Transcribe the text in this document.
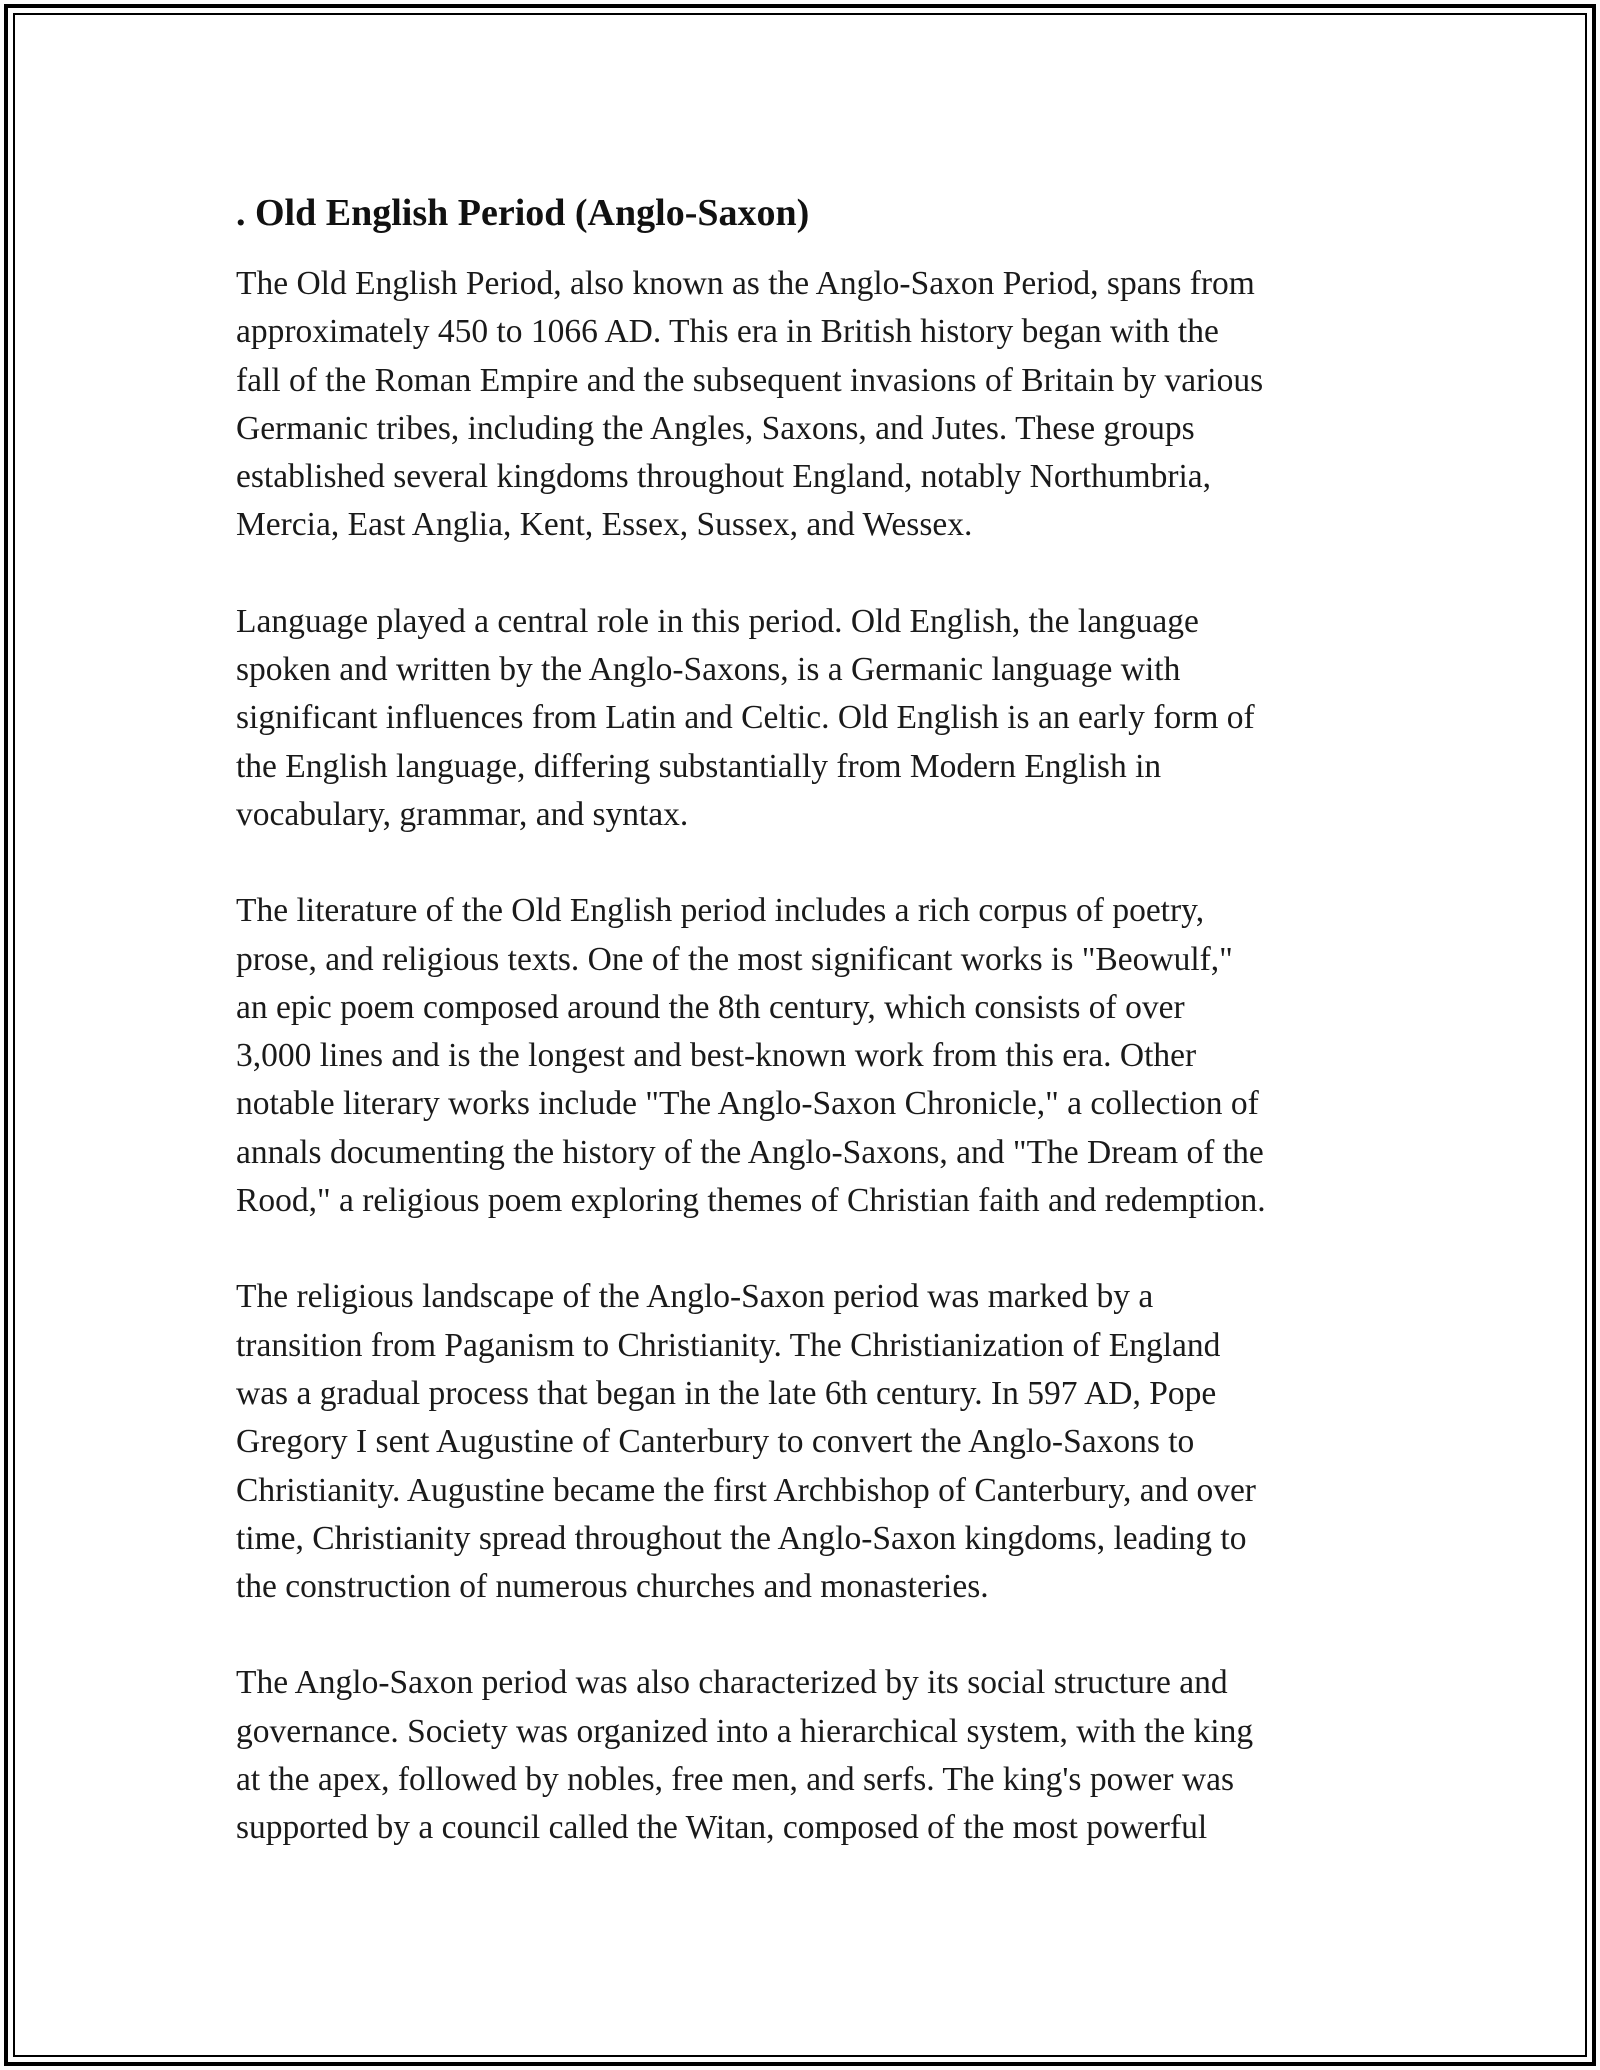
. Old English Period (Anglo-Saxon)

The Old English Period, also known as the Anglo-Saxon Period, spans from
approximately 450 to 1066 AD. This era in British history began with the
fall of the Roman Empire and the subsequent invasions of Britain by various
Germanic tribes, including the Angles, Saxons, and Jutes. These groups
established several kingdoms throughout England, notably Northumbria,
Mercia, East Anglia, Kent, Essex, Sussex, and Wessex.

Language played a central role in this period. Old English, the language
spoken and written by the Anglo-Saxons, is a Germanic language with
significant influences from Latin and Celtic. Old English is an early form of
the English language, differing substantially from Modern English in
vocabulary, grammar, and syntax.

The literature of the Old English period includes a rich corpus of poetry,
prose, and religious texts. One of the most significant works is "Beowulf,"
an epic poem composed around the 8th century, which consists of over
3,000 lines and is the longest and best-known work from this era. Other
notable literary works include "The Anglo-Saxon Chronicle," a collection of
annals documenting the history of the Anglo-Saxons, and "The Dream of the
Rood," a religious poem exploring themes of Christian faith and redemption.

The religious landscape of the Anglo-Saxon period was marked by a
transition from Paganism to Christianity. The Christianization of England
was a gradual process that began in the late 6th century. In 597 AD, Pope
Gregory I sent Augustine of Canterbury to convert the Anglo-Saxons to
Christianity. Augustine became the first Archbishop of Canterbury, and over
time, Christianity spread throughout the Anglo-Saxon kingdoms, leading to
the construction of numerous churches and monasteries.

The Anglo-Saxon period was also characterized by its social structure and
governance. Society was organized into a hierarchical system, with the king
at the apex, followed by nobles, free men, and serfs. The king's power was
supported by a council called the Witan, composed of the most powerful
